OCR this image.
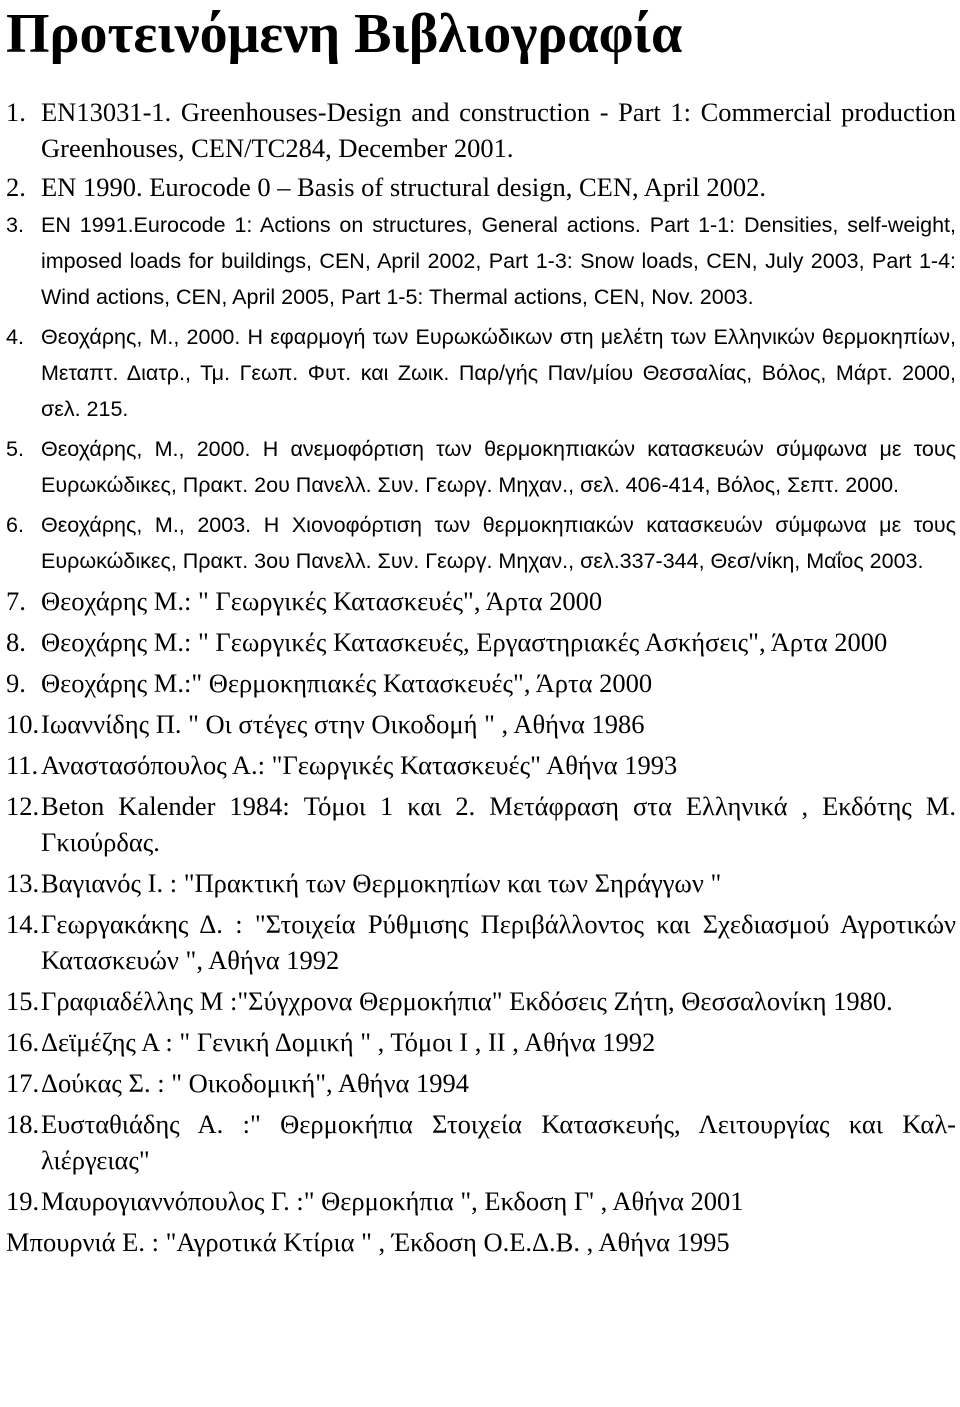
Προτεινόμενη Βιβλιογραφία
1. EN13031-1. Greenhouses-Design and construction - Part 1: Commercial production Greenhouses, CEN/TC284, December 2001.
2. EN 1990. Eurocode 0 – Basis of structural design, CEN, April 2002.
3. EN 1991.Eurocode 1: Actions on structures, General actions. Part 1-1: Densities, self-weight, imposed loads for buildings, CEN, April 2002, Part 1-3: Snow loads, CEN, July 2003, Part 1-4: Wind actions, CEN, April 2005, Part 1-5: Thermal actions, CEN, Nov. 2003.
4. Θεοχάρης, Μ., 2000. Η εφαρμογή των Ευρωκώδικων στη μελέτη των Ελληνικών θερμοκηπίων, Μεταπτ. Διατρ., Τμ. Γεωπ. Φυτ. και Ζωικ. Παρ/γής Παν/μίου Θεσσαλίας, Βόλος, Μάρτ. 2000, σελ. 215.
5. Θεοχάρης, Μ., 2000. Η ανεμοφόρτιση των θερμοκηπιακών κατασκευών σύμφωνα με τους Ευρωκώδικες, Πρακτ. 2ου Πανελλ. Συν. Γεωργ. Μηχαν., σελ. 406-414, Βόλος, Σεπτ. 2000.
6. Θεοχάρης, Μ., 2003. Η Χιονοφόρτιση των θερμοκηπιακών κατασκευών σύμφωνα με τους Ευρωκώδικες, Πρακτ. 3ου Πανελλ. Συν. Γεωργ. Μηχαν., σελ.337-344, Θεσ/νίκη, Μαΐος 2003.
7. Θεοχάρης Μ.: " Γεωργικές Κατασκευές", Άρτα 2000
8. Θεοχάρης Μ.: " Γεωργικές Κατασκευές, Εργαστηριακές Ασκήσεις", Άρτα 2000
9. Θεοχάρης Μ.:" Θερμοκηπιακές Κατασκευές", Άρτα 2000
10. Ιωαννίδης Π. " Οι στέγες στην Οικοδομή " , Αθήνα 1986
11. Αναστασόπουλος Α.: "Γεωργικές Κατασκευές" Αθήνα 1993
12. Beton Kalender 1984: Τόμοι 1 και 2. Μετάφραση στα Ελληνικά , Εκδότης Μ. Γκιούρδας.
13. Βαγιανός Ι. : "Πρακτική των Θερμοκηπίων και των Σηράγγων "
14. Γεωργακάκης Δ. : "Στοιχεία Ρύθμισης Περιβάλλοντος και Σχεδιασμού Αγροτικών Κατασκευών ", Αθήνα 1992
15. Γραφιαδέλλης Μ :"Σύγχρονα Θερμοκήπια" Εκδόσεις Ζήτη, Θεσσαλονίκη 1980.
16. Δεϊμέζης Α : " Γενική Δομική " , Τόμοι Ι , ΙΙ , Αθήνα 1992
17. Δούκας Σ. : " Οικοδομική", Αθήνα 1994
18. Ευσταθιάδης Α. :" Θερμοκήπια Στοιχεία Κατασκευής, Λειτουργίας και Καλ-λιέργειας"
19. Μαυρογιαννόπουλος Γ. :" Θερμοκήπια ", Εκδοση Γ' , Αθήνα 2001
Μπουρνιά Ε. : "Αγροτικά Κτίρια " , Έκδοση Ο.Ε.Δ.Β. , Αθήνα 1995
